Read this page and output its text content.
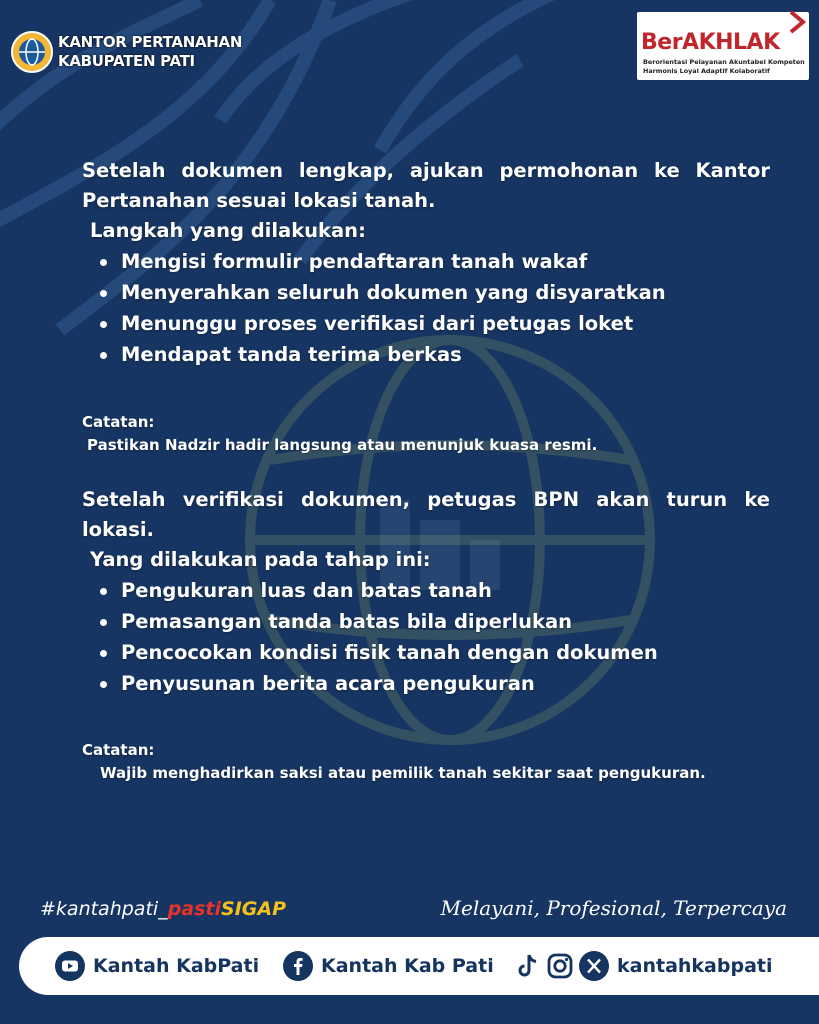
KANTOR PERTANAHAN
KABUPATEN PATI
BerAKHLAK
Berorientasi Pelayanan Akuntabel Kompeten
Harmonis Loyal Adaptif Kolaboratif
Setelah dokumen lengkap, ajukan permohonan ke Kantor Pertanahan sesuai lokasi tanah.
Langkah yang dilakukan:
Mengisi formulir pendaftaran tanah wakaf
Menyerahkan seluruh dokumen yang disyaratkan
Menunggu proses verifikasi dari petugas loket
Mendapat tanda terima berkas
Catatan:
Pastikan Nadzir hadir langsung atau menunjuk kuasa resmi.
Setelah verifikasi dokumen, petugas BPN akan turun ke lokasi.
Yang dilakukan pada tahap ini:
Pengukuran luas dan batas tanah
Pemasangan tanda batas bila diperlukan
Pencocokan kondisi fisik tanah dengan dokumen
Penyusunan berita acara pengukuran
Catatan:
Wajib menghadirkan saksi atau pemilik tanah sekitar saat pengukuran.
#kantahpati_pastiSIGAP	Melayani, Profesional, Terpercaya
Kantah KabPati	Kantah Kab Pati	kantahkabpati
